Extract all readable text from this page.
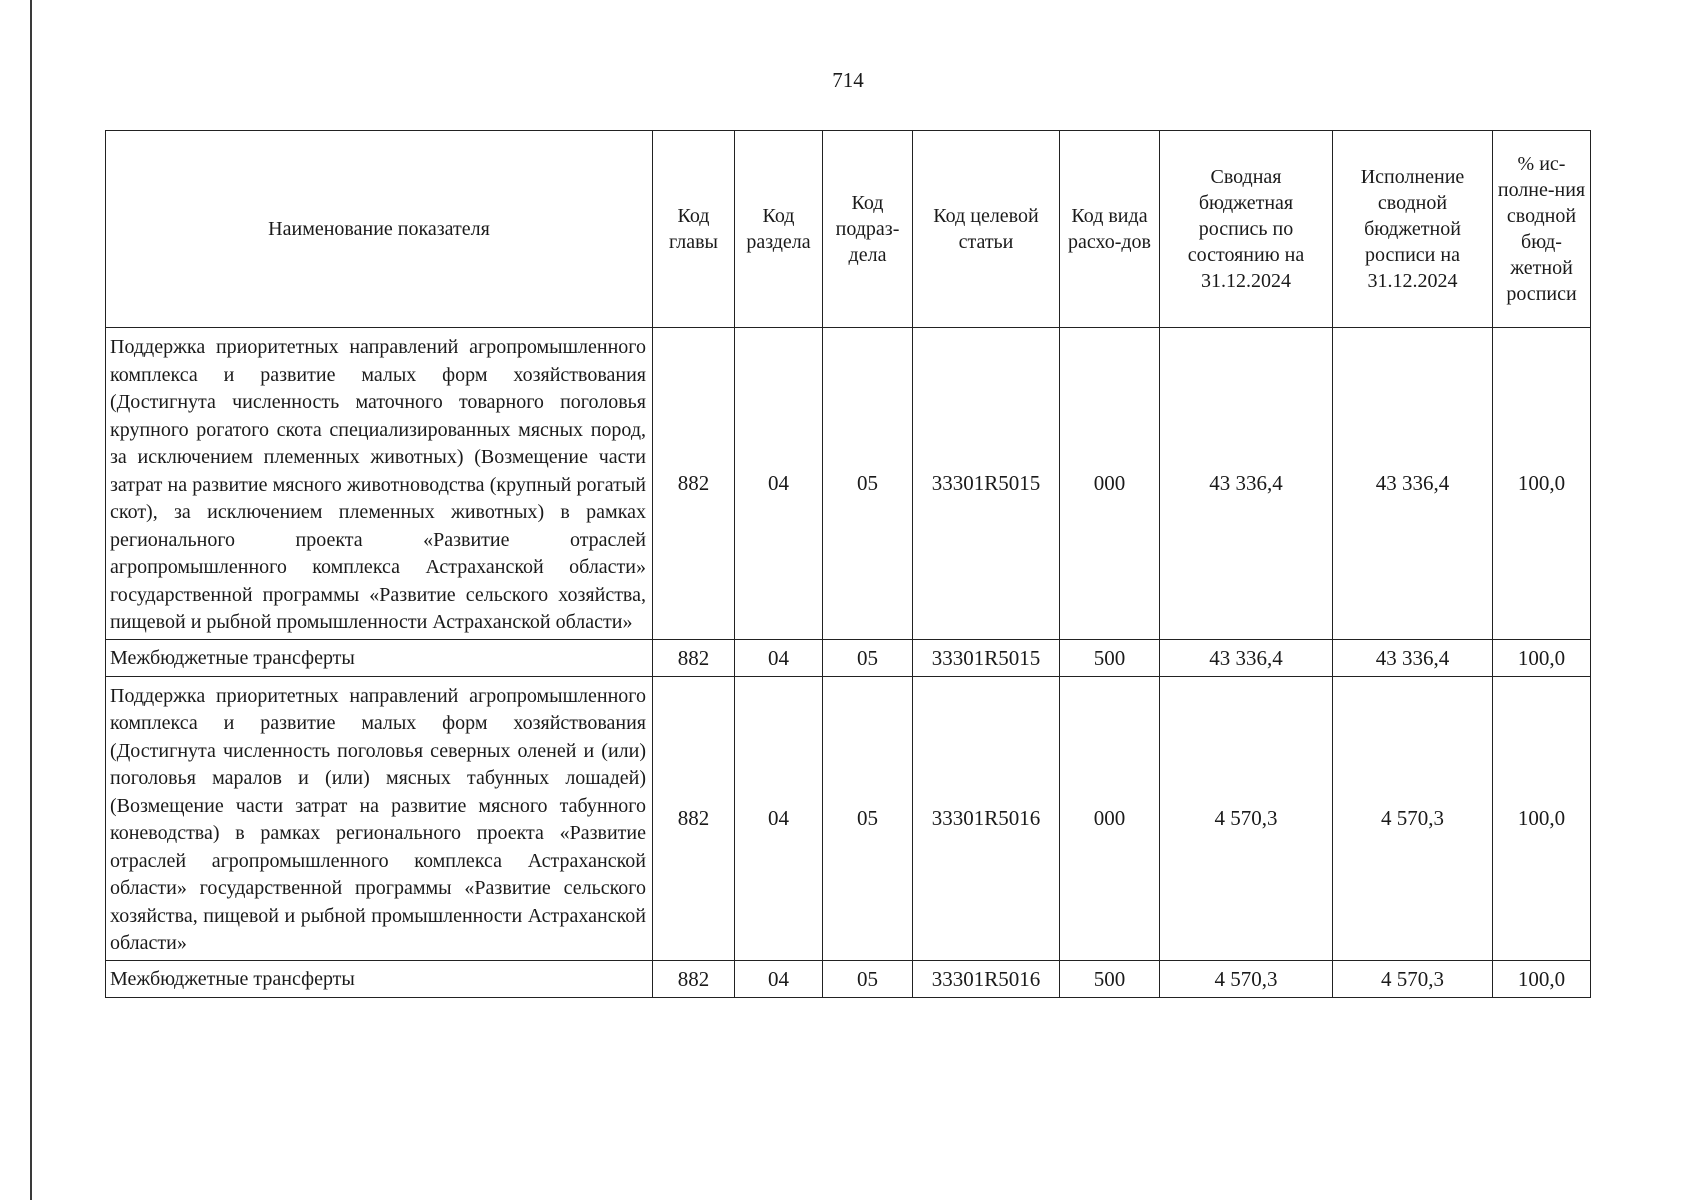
714
Наименование показателя	Код главы	Код раздела	Код подраз-дела	Код целевой статьи	Код вида расхо-дов	Сводная бюджетная роспись по состоянию на 31.12.2024	Исполнение сводной бюджетной росписи на 31.12.2024	% ис-полне-ния сводной бюд-жетной росписи
Поддержка приоритетных направлений агропромышленного комплекса и развитие малых форм хозяйствования (Достигнута численность маточного товарного поголовья крупного рогатого скота специализированных мясных пород, за исключением племенных животных) (Возмещение части затрат на развитие мясного животноводства (крупный рогатый скот), за исключением племенных животных) в рамках регионального проекта «Развитие отраслей агропромышленного комплекса Астраханской области» государственной программы «Развитие сельского хозяйства, пищевой и рыбной промышленности Астраханской области»	882	04	05	33301R5015	000	43 336,4	43 336,4	100,0
Межбюджетные трансферты	882	04	05	33301R5015	500	43 336,4	43 336,4	100,0
Поддержка приоритетных направлений агропромышленного комплекса и развитие малых форм хозяйствования (Достигнута численность поголовья северных оленей и (или) поголовья маралов и (или) мясных табунных лошадей) (Возмещение части затрат на развитие мясного табунного коневодства) в рамках регионального проекта «Развитие отраслей агропромышленного комплекса Астраханской области» государственной программы «Развитие сельского хозяйства, пищевой и рыбной промышленности Астраханской области»	882	04	05	33301R5016	000	4 570,3	4 570,3	100,0
Межбюджетные трансферты	882	04	05	33301R5016	500	4 570,3	4 570,3	100,0
